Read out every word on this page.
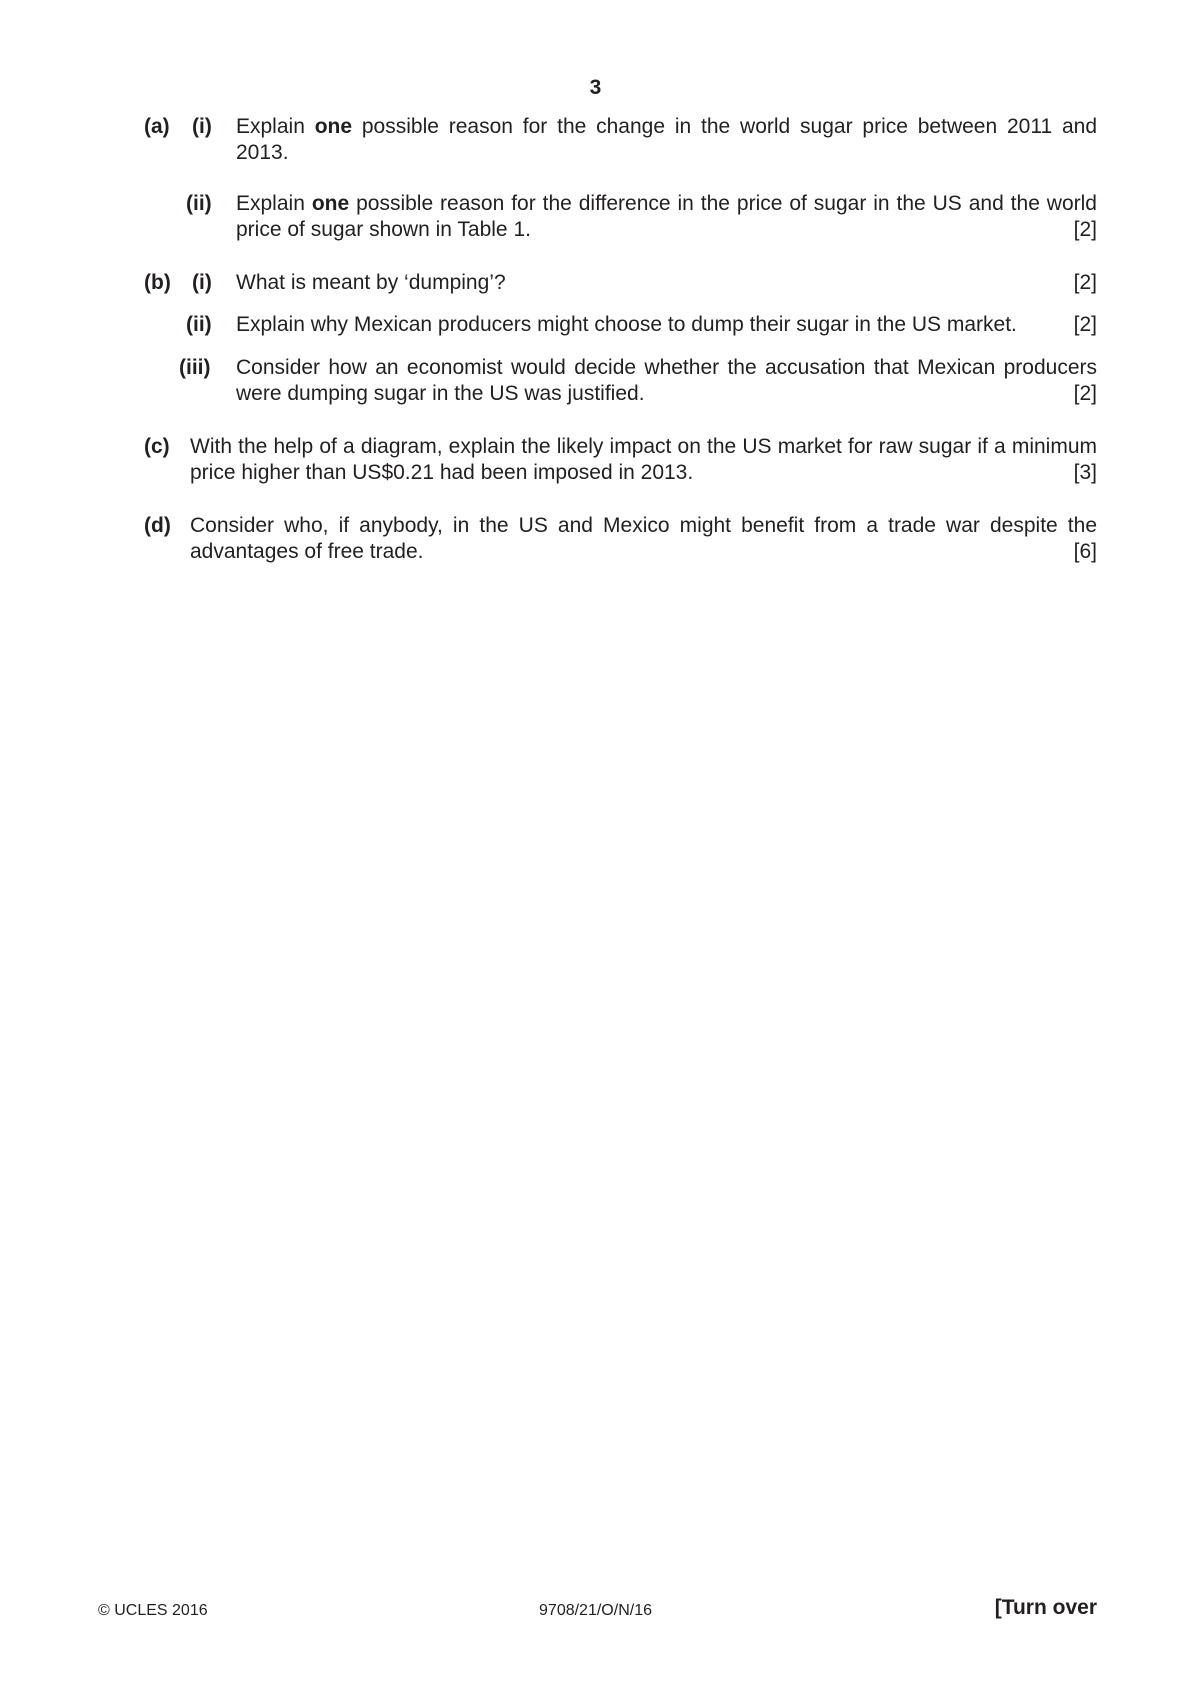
3
(a) (i) Explain one possible reason for the change in the world sugar price between 2011 and 2013.
(ii) Explain one possible reason for the difference in the price of sugar in the US and the world price of sugar shown in Table 1.	[2]
(b) (i) What is meant by ‘dumping’?	[2]
(ii) Explain why Mexican producers might choose to dump their sugar in the US market.	[2]
(iii) Consider how an economist would decide whether the accusation that Mexican producers were dumping sugar in the US was justified.	[2]
(c) With the help of a diagram, explain the likely impact on the US market for raw sugar if a minimum price higher than US$0.21 had been imposed in 2013.	[3]
(d) Consider who, if anybody, in the US and Mexico might benefit from a trade war despite the advantages of free trade.	[6]
© UCLES 2016	9708/21/O/N/16	[Turn over
